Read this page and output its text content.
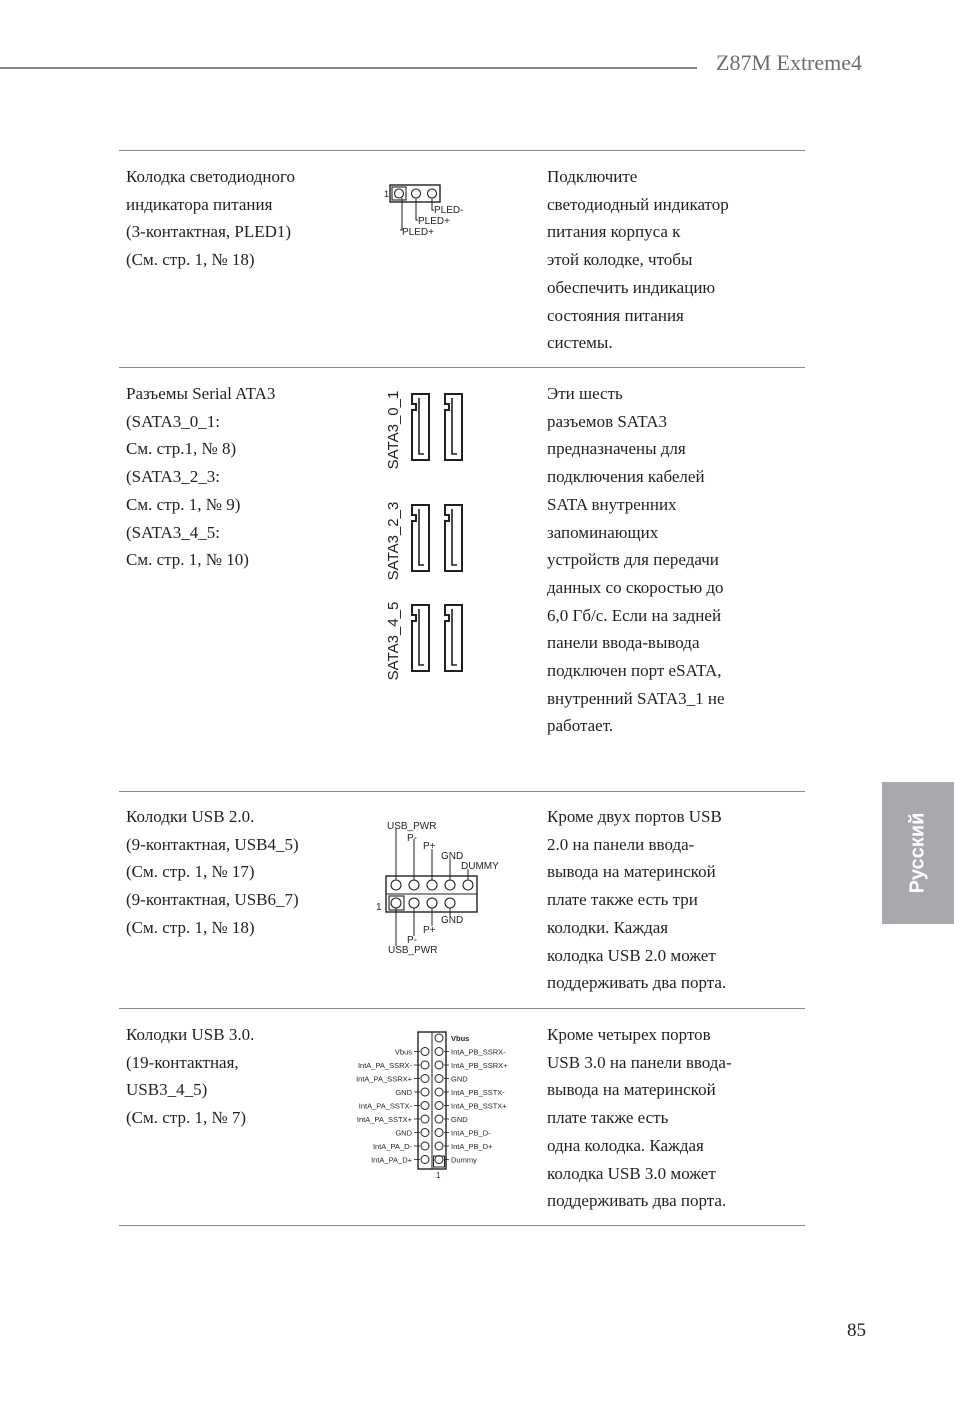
Z87M Extreme4
Колодка светодиодного
индикатора питания
(3-контактная, PLED1)
(См. стр. 1, № 18)
1
PLED-
PLED+
PLED+
Подключите
светодиодный индикатор
питания корпуса к
этой колодке, чтобы
обеспечить индикацию
состояния питания
системы.
Разъемы Serial ATA3
(SATA3_0_1:
См. стр.1, № 8)
(SATA3_2_3:
См. стр. 1, № 9)
(SATA3_4_5:
См. стр. 1, № 10)
SATA3_0_1
SATA3_2_3
SATA3_4_5
Эти шесть
разъемов SATA3
предназначены для
подключения кабелей
SATA внутренних
запоминающих
устройств для передачи
данных со скоростью до
6,0 Гб/с. Если на задней
панели ввода-вывода
подключен порт eSATA,
внутренний SATA3_1 не
работает.
Колодки USB 2.0.
(9-контактная, USB4_5)
(См. стр. 1, № 17)
(9-контактная, USB6_7)
(См. стр. 1, № 18)
1
USB_PWR
P-
P+
GND
DUMMY
GND
P+
P-
USB_PWR
Кроме двух портов USB
2.0 на панели ввода-
вывода на материнской
плате также есть три
колодки. Каждая
колодка USB 2.0 может
поддерживать два порта.
Колодки USB 3.0.
(19-контактная,
USB3_4_5)
(См. стр. 1, № 7)
1
Vbus
IntA_PB_SSRX-
IntA_PB_SSRX+
GND
IntA_PB_SSTX-
IntA_PB_SSTX+
GND
IntA_PB_D-
IntA_PB_D+
Dummy
Vbus
IntA_PA_SSRX-
IntA_PA_SSRX+
GND
IntA_PA_SSTX-
IntA_PA_SSTX+
GND
IntA_PA_D-
IntA_PA_D+
Кроме четырех портов
USB 3.0 на панели ввода-
вывода на материнской
плате также есть
одна колодка. Каждая
колодка USB 3.0 может
поддерживать два порта.
Русский
85
